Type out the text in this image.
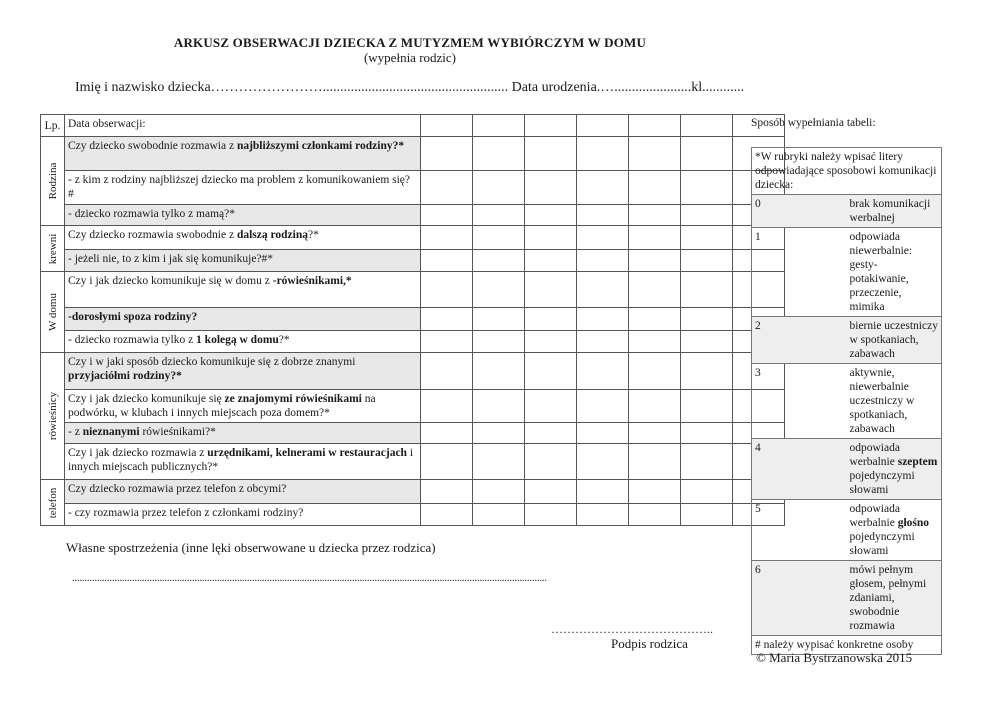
ARKUSZ OBSERWACJI DZIECKA Z MUTYZMEM WYBIÓRCZYM W DOMU
(wypełnia rodzic)
Imię i nazwisko dziecka……………………..................................................... Data urodzenia.…......................kl............
Lp.	Data obserwacji:							

Rodzina	Czy dziecko swobodnie rozmawia z najbliższymi członkami rodziny?*							
	- z kim z rodziny najbliższej dziecko ma problem z komunikowaniem się? #							
	- dziecko rozmawia tylko z mamą?*							

krewni	Czy dziecko rozmawia swobodnie z dalszą rodziną?*							
	- jeżeli nie, to z kim i jak się komunikuje?#*							

W domu	Czy i jak dziecko komunikuje się w domu z -rówieśnikami,*							
	-dorosłymi spoza rodziny?							
	- dziecko rozmawia tylko z 1 kolegą w domu?*							

rówieśnicy	Czy i w jaki sposób dziecko komunikuje się z dobrze znanymi przyjaciółmi rodziny?*							
	Czy i jak dziecko komunikuje się ze znajomymi rówieśnikami na podwórku, w klubach i innych miejscach poza domem?*							
	- z nieznanymi rówieśnikami?*							
	Czy i jak dziecko rozmawia z urzędnikami, kelnerami w restauracjach i innych miejscach publicznych?*							

telefon	Czy dziecko rozmawia przez telefon z obcymi?							
	- czy rozmawia przez telefon z członkami rodziny?							
Sposób wypełniania tabeli:
*W rubryki należy wpisać litery odpowiadające sposobowi komunikacji dziecka:	
0	brak komunikacji werbalnej
1	odpowiada niewerbalnie: gesty- potakiwanie, przeczenie, mimika
2	biernie uczestniczy w spotkaniach, zabawach
3	aktywnie, niewerbalnie uczestniczy w spotkaniach, zabawach
4	odpowiada werbalnie szeptem pojedynczymi słowami
5	odpowiada werbalnie głośno pojedynczymi słowami
6	mówi pełnym głosem, pełnymi zdaniami, swobodnie rozmawia
# należy wypisać konkretne osoby	
Własne spostrzeżenia (inne lęki obserwowane u dziecka przez rodzica)
..............................................................................................................................................................................................
…………………………………..
Podpis rodzica
© Maria Bystrzanowska 2015
